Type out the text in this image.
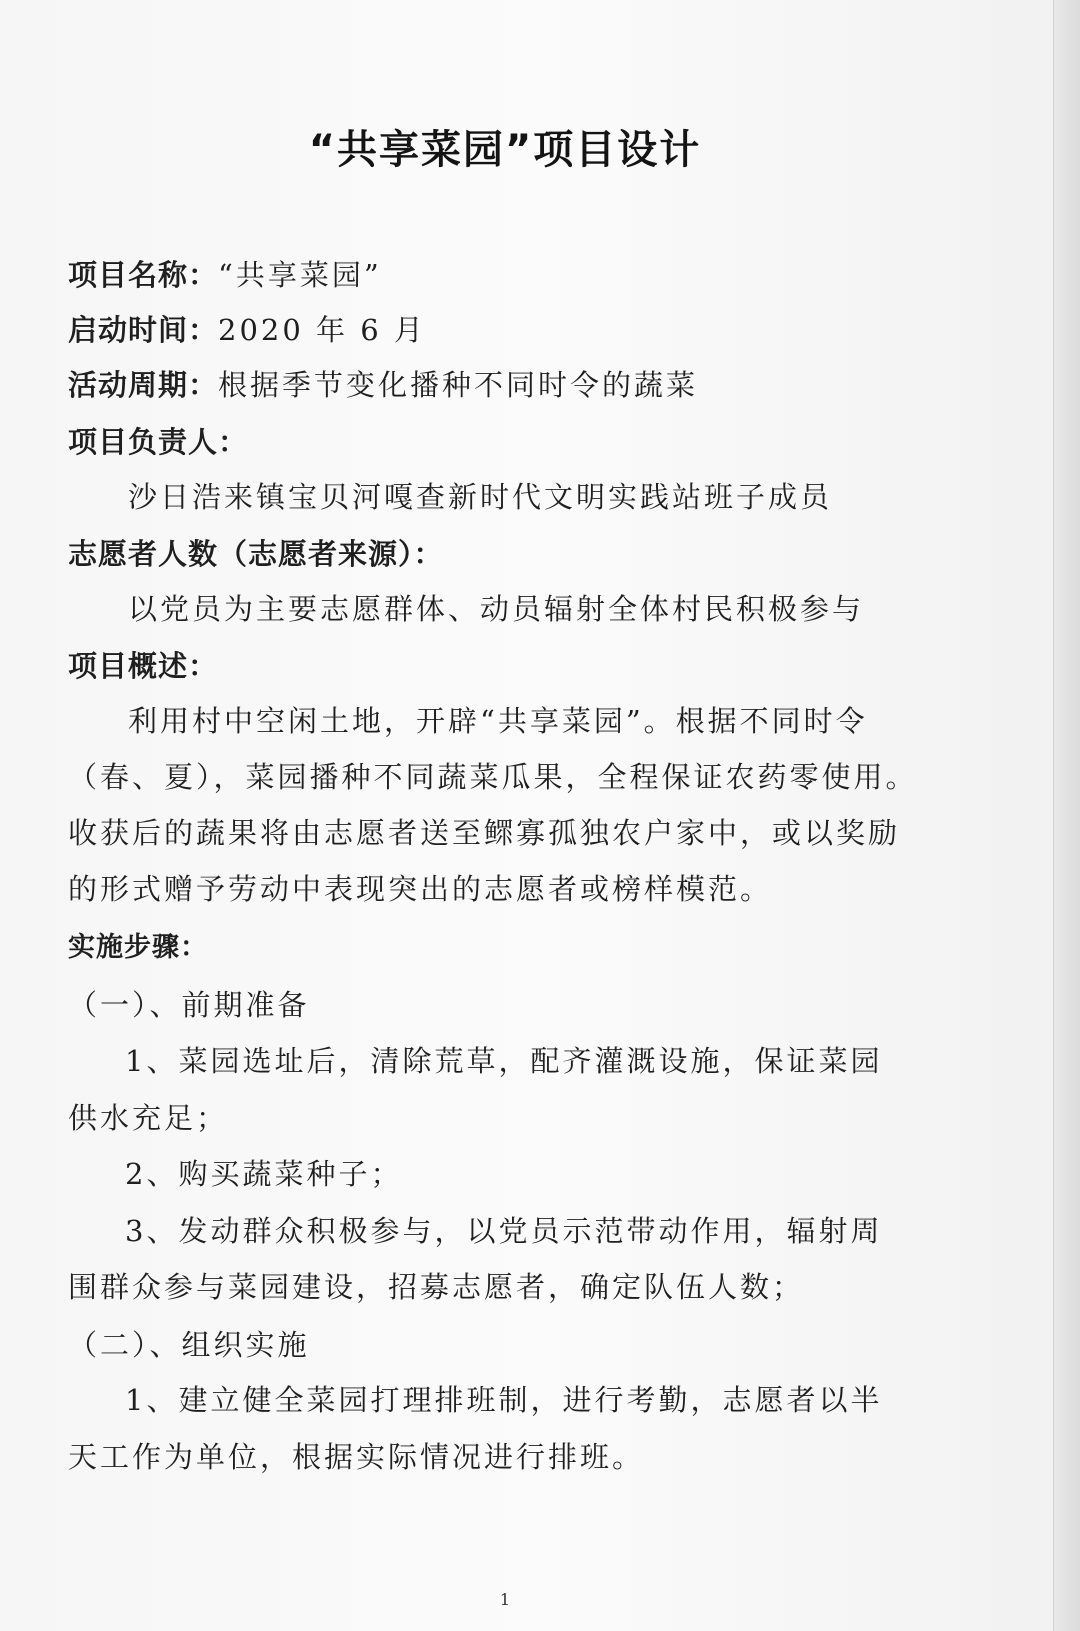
“共享菜园”项目设计
项目名称：“共享菜园”
启动时间：2020 年 6 月
活动周期：根据季节变化播种不同时令的蔬菜
项目负责人：
沙日浩来镇宝贝河嘎查新时代文明实践站班子成员
志愿者人数（志愿者来源）：
以党员为主要志愿群体、动员辐射全体村民积极参与
项目概述：
利用村中空闲土地，开辟“共享菜园”。根据不同时令
（春、夏），菜园播种不同蔬菜瓜果，全程保证农药零使用。
收获后的蔬果将由志愿者送至鳏寡孤独农户家中，或以奖励
的形式赠予劳动中表现突出的志愿者或榜样模范。
实施步骤：
（一）、前期准备
1、菜园选址后，清除荒草，配齐灌溉设施，保证菜园
供水充足；
2、购买蔬菜种子；
3、发动群众积极参与，以党员示范带动作用，辐射周
围群众参与菜园建设，招募志愿者，确定队伍人数；
（二）、组织实施
1、建立健全菜园打理排班制，进行考勤，志愿者以半
天工作为单位，根据实际情况进行排班。
1
